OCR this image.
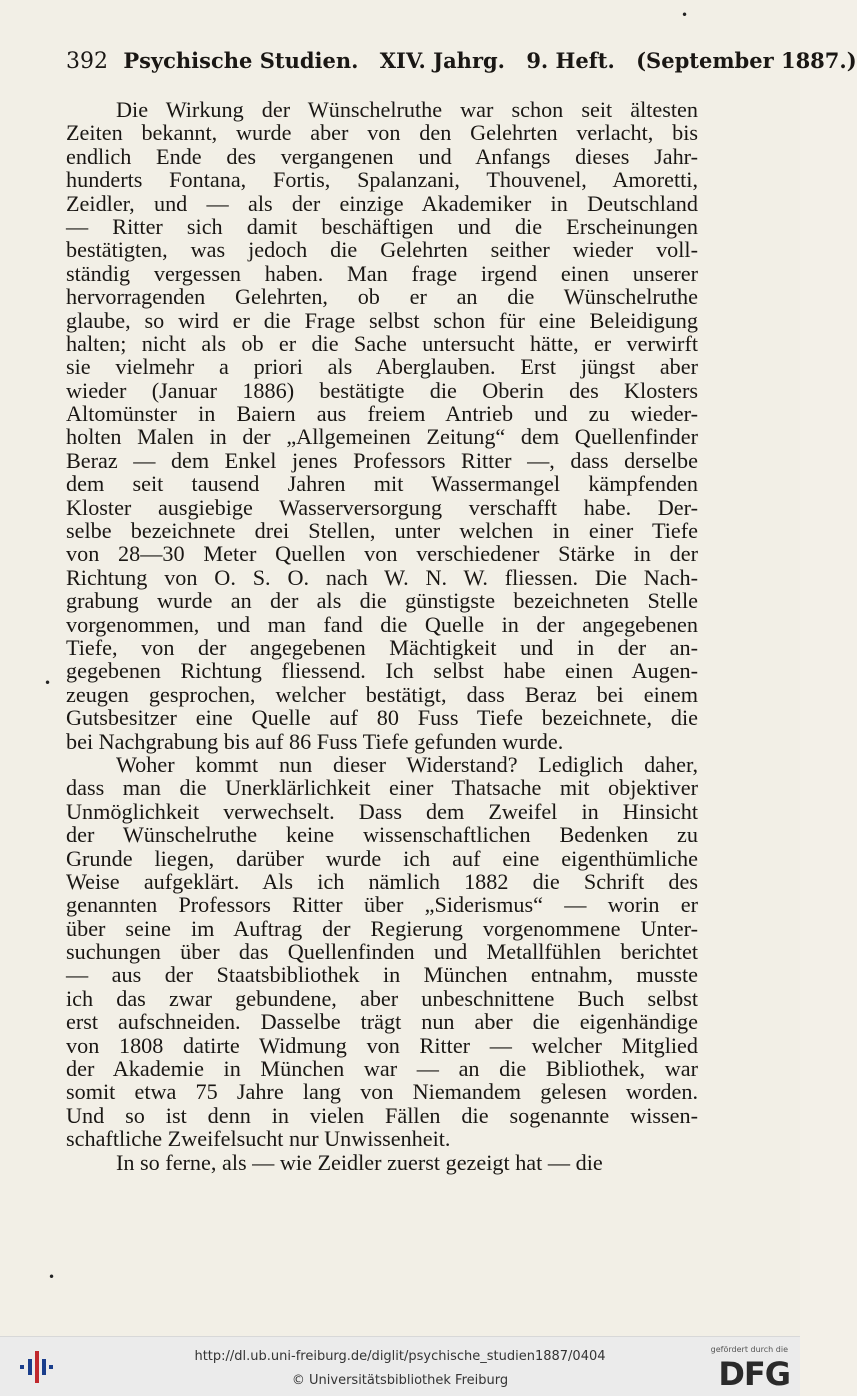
392 Psychische Studien. XIV. Jahrg. 9. Heft. (September 1887.)
Die Wirkung der Wünschelruthe war schon seit ältesten
Zeiten bekannt, wurde aber von den Gelehrten verlacht, bis
endlich Ende des vergangenen und Anfangs dieses Jahr-
hunderts Fontana, Fortis, Spalanzani, Thouvenel, Amoretti,
Zeidler, und — als der einzige Akademiker in Deutschland
— Ritter sich damit beschäftigen und die Erscheinungen
bestätigten, was jedoch die Gelehrten seither wieder voll-
ständig vergessen haben. Man frage irgend einen unserer
hervorragenden Gelehrten, ob er an die Wünschelruthe
glaube, so wird er die Frage selbst schon für eine Beleidigung
halten; nicht als ob er die Sache untersucht hätte, er verwirft
sie vielmehr a priori als Aberglauben. Erst jüngst aber
wieder (Januar 1886) bestätigte die Oberin des Klosters
Altomünster in Baiern aus freiem Antrieb und zu wieder-
holten Malen in der „Allgemeinen Zeitung“ dem Quellenfinder
Beraz — dem Enkel jenes Professors Ritter —, dass derselbe
dem seit tausend Jahren mit Wassermangel kämpfenden
Kloster ausgiebige Wasserversorgung verschafft habe. Der-
selbe bezeichnete drei Stellen, unter welchen in einer Tiefe
von 28—30 Meter Quellen von verschiedener Stärke in der
Richtung von O. S. O. nach W. N. W. fliessen. Die Nach-
grabung wurde an der als die günstigste bezeichneten Stelle
vorgenommen, und man fand die Quelle in der angegebenen
Tiefe, von der angegebenen Mächtigkeit und in der an-
gegebenen Richtung fliessend. Ich selbst habe einen Augen-
zeugen gesprochen, welcher bestätigt, dass Beraz bei einem
Gutsbesitzer eine Quelle auf 80 Fuss Tiefe bezeichnete, die
bei Nachgrabung bis auf 86 Fuss Tiefe gefunden wurde.
Woher kommt nun dieser Widerstand? Lediglich daher,
dass man die Unerklärlichkeit einer Thatsache mit objektiver
Unmöglichkeit verwechselt. Dass dem Zweifel in Hinsicht
der Wünschelruthe keine wissenschaftlichen Bedenken zu
Grunde liegen, darüber wurde ich auf eine eigenthümliche
Weise aufgeklärt. Als ich nämlich 1882 die Schrift des
genannten Professors Ritter über „Siderismus“ — worin er
über seine im Auftrag der Regierung vorgenommene Unter-
suchungen über das Quellenfinden und Metallfühlen berichtet
— aus der Staatsbibliothek in München entnahm, musste
ich das zwar gebundene, aber unbeschnittene Buch selbst
erst aufschneiden. Dasselbe trägt nun aber die eigenhändige
von 1808 datirte Widmung von Ritter — welcher Mitglied
der Akademie in München war — an die Bibliothek, war
somit etwa 75 Jahre lang von Niemandem gelesen worden.
Und so ist denn in vielen Fällen die sogenannte wissen-
schaftliche Zweifelsucht nur Unwissenheit.
In so ferne, als — wie Zeidler zuerst gezeigt hat — die
•
•
•
http://dl.ub.uni-freiburg.de/diglit/psychische_studien1887/0404
© Universitätsbibliothek Freiburg
gefördert durch die
DFG
